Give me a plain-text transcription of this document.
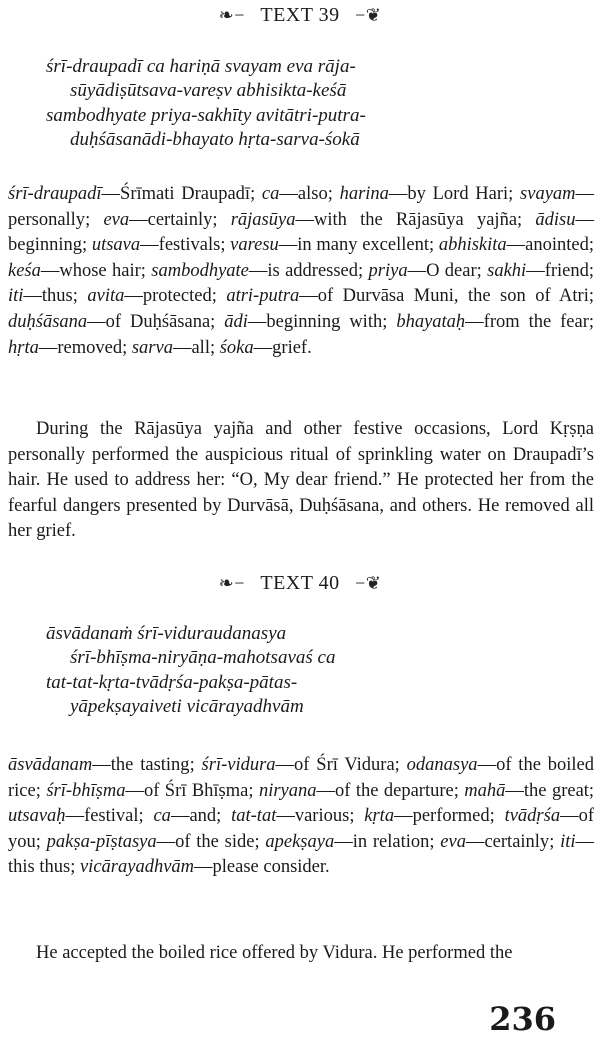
❧− TEXT 39 −❦
śrī-draupadī ca hariṇā svayam eva rāja-
sūyādiṣūtsava-vareṣv abhisikta-keśā
sambodhyate priya-sakhīty avitātri-putra-
duḥśāsanādi-bhayato hṛta-sarva-śokā
śrī-draupadī—Śrīmati Draupadī; ca—also; harina—by Lord Hari; svayam—personally; eva—certainly; rājasūya—with the Rājasūya yajña; ādisu—beginning; utsava—festivals; varesu—in many excellent; abhiskita—anointed; keśa—whose hair; sambodhyate—is addressed; priya—O dear; sakhi—friend; iti—thus; avita—protected; atri-putra—of Durvāsa Muni, the son of Atri; duḥśāsana—of Duḥśāsana; ādi—beginning with; bhayataḥ—from the fear; hṛta—removed; sarva—all; śoka—grief.
During the Rājasūya yajña and other festive occasions, Lord Kṛṣṇa personally performed the auspicious ritual of sprinkling water on Draupadī’s hair. He used to address her: “O, My dear friend.” He protected her from the fearful dangers presented by Durvāsā, Duḥśāsana, and others. He removed all her grief.
❧− TEXT 40 −❦
āsvādanaṁ śrī-viduraudanasya
śrī-bhīṣma-niryāṇa-mahotsavaś ca
tat-tat-kṛta-tvādṛśa-pakṣa-pātas-
yāpekṣayaiveti vicārayadhvām
āsvādanam—the tasting; śrī-vidura—of Śrī Vidura; odanasya—of the boiled rice; śrī-bhīṣma—of Śrī Bhīṣma; niryana—of the departure; mahā—the great; utsavaḥ—festival; ca—and; tat-tat—various; kṛta—performed; tvādṛśa—of you; pakṣa-pīṣtasya—of the side; apekṣaya—in relation; eva—certainly; iti—this thus; vicārayadhvām—please consider.
He accepted the boiled rice offered by Vidura. He performed the
236
